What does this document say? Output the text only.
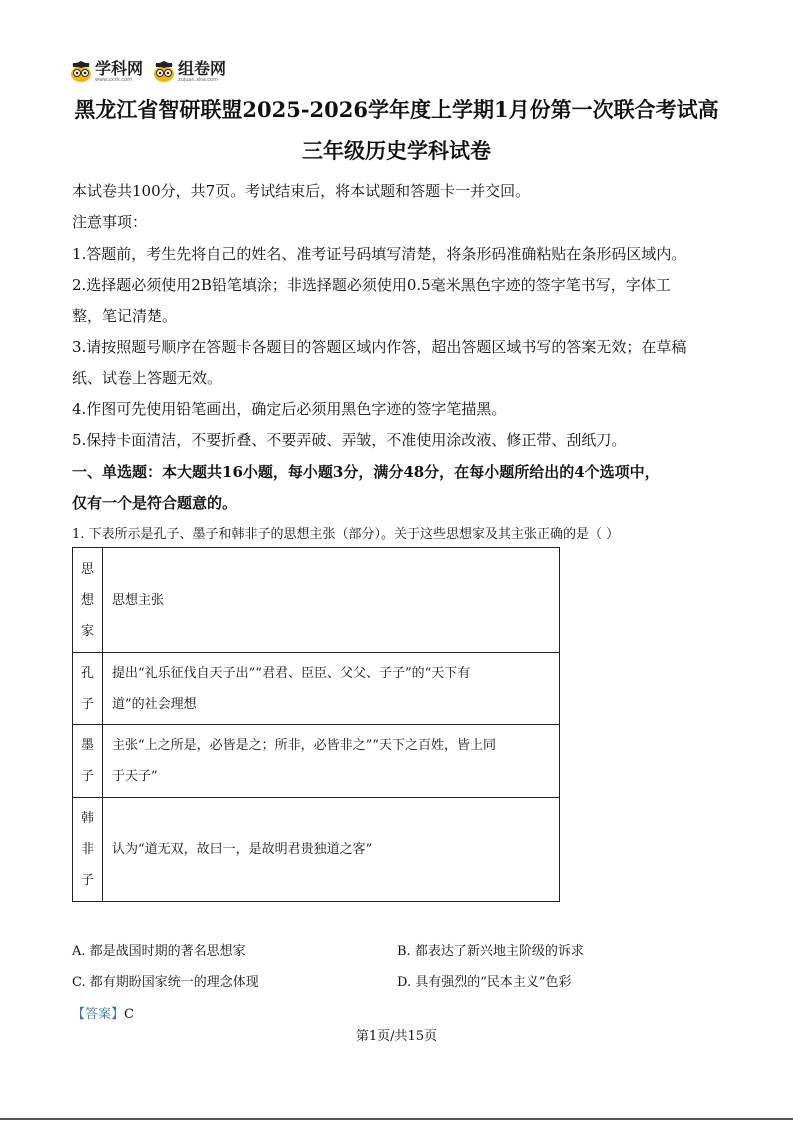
学科网
www.zxxk.com
组卷网
zujuan.xkw.com
黑龙江省智研联盟2025-2026学年度上学期1月份第一次联合考试高
三年级历史学科试卷
本试卷共100分，共7页。考试结束后，将本试题和答题卡一并交回。
注意事项：
1.答题前，考生先将自己的姓名、准考证号码填写清楚，将条形码准确粘贴在条形码区域内。
2.选择题必须使用2B铅笔填涂；非选择题必须使用0.5毫米黑色字迹的签字笔书写，字体工
整，笔记清楚。
3.请按照题号顺序在答题卡各题目的答题区域内作答，超出答题区域书写的答案无效；在草稿
纸、试卷上答题无效。
4.作图可先使用铅笔画出，确定后必须用黑色字迹的签字笔描黑。
5.保持卡面清洁，不要折叠、不要弄破、弄皱，不准使用涂改液、修正带、刮纸刀。
一、单选题：本大题共16小题，每小题3分，满分48分，在每小题所给出的4个选项中，
仅有一个是符合题意的。
1. 下表所示是孔子、墨子和韩非子的思想主张（部分）。关于这些思想家及其主张正确的是（ ）
思
想
家	思想主张

孔
子	提出“礼乐征伐自天子出”“君君、臣臣、父父、子子”的“天下有
道”的社会理想

墨
子	主张“上之所是，必皆是之；所非，必皆非之”“天下之百姓，皆上同
于天子”

韩
非
子	认为“道无双，故曰一，是故明君贵独道之客”
A. 都是战国时期的著名思想家	B. 都表达了新兴地主阶级的诉求
C. 都有期盼国家统一的理念体现	D. 具有强烈的“民本主义”色彩
【答案】C
第1页/共15页
